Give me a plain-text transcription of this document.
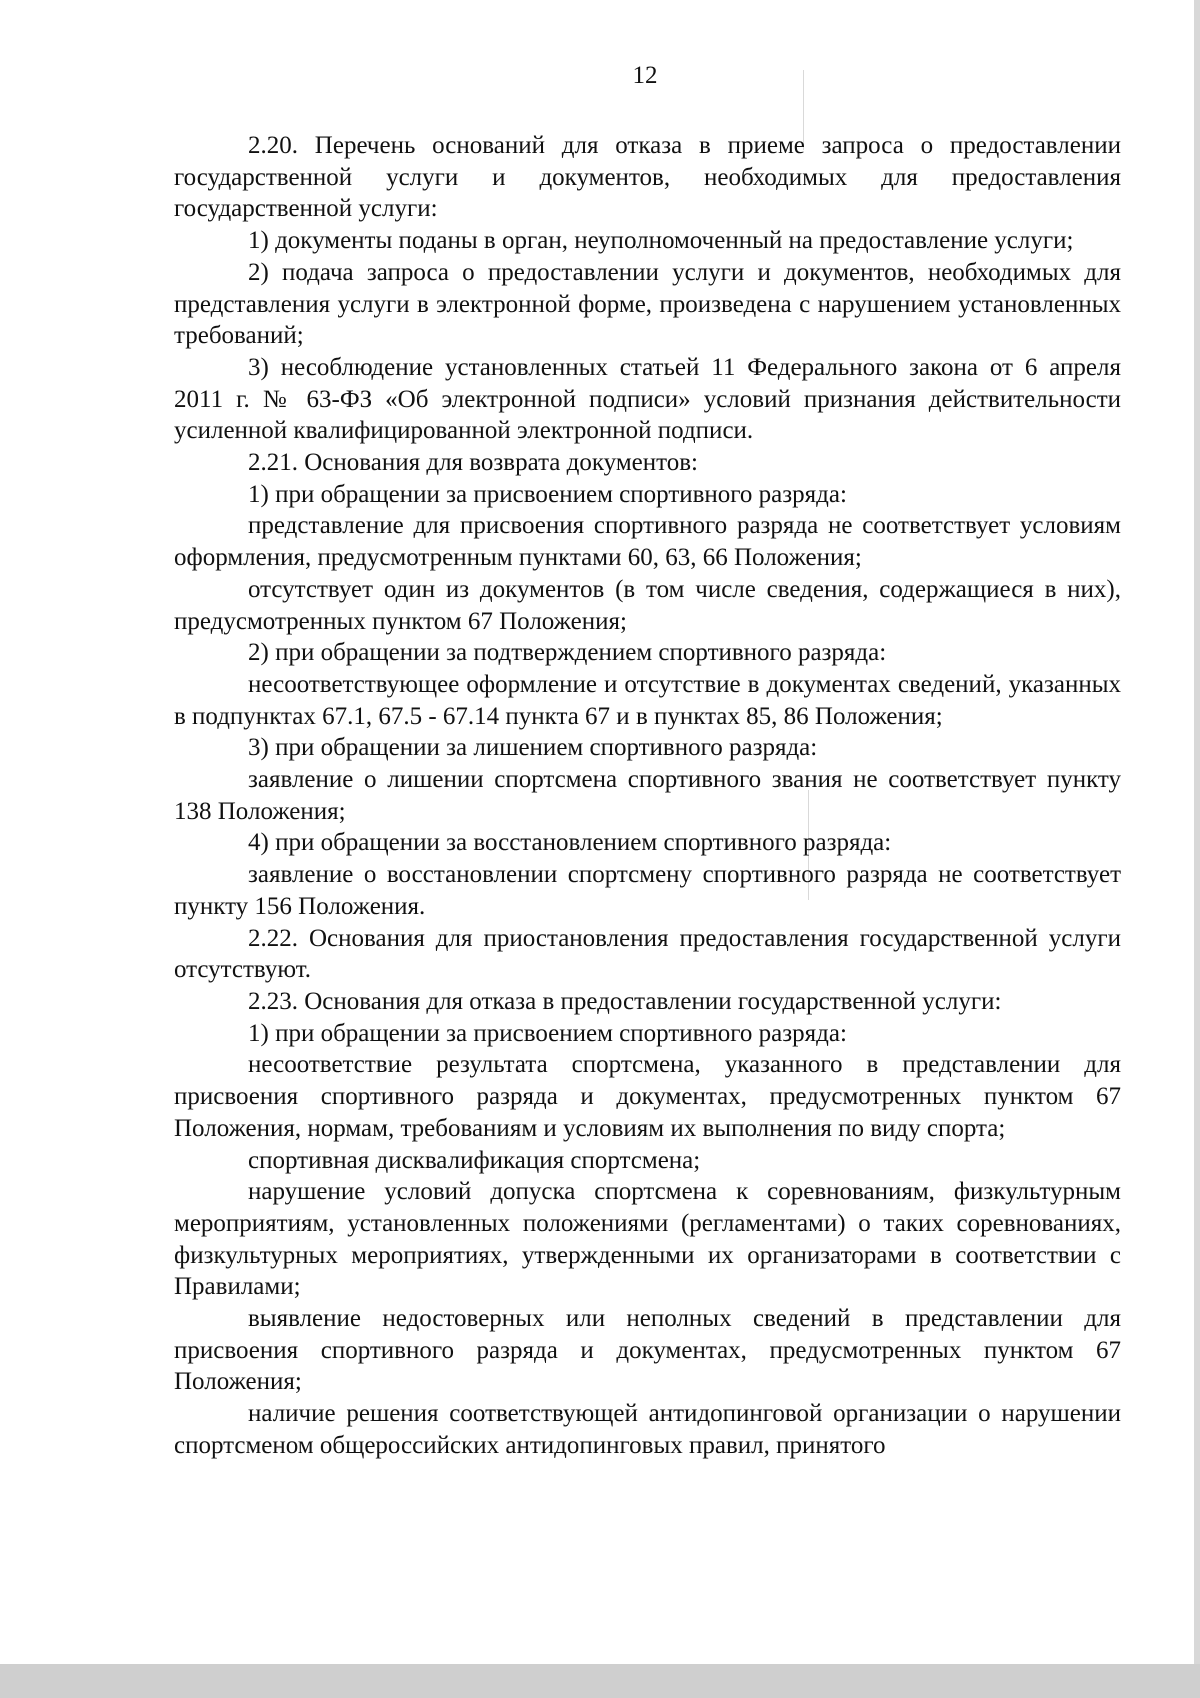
12

2.20. Перечень оснований для отказа в приеме запроса о предоставлении государственной услуги и документов, необходимых для предоставления государственной услуги:

1) документы поданы в орган, неуполномоченный на предоставление услуги;

2) подача запроса о предоставлении услуги и документов, необходимых для представления услуги в электронной форме, произведена с нарушением установленных требований;

3) несоблюдение установленных статьей 11 Федерального закона от 6 апреля 2011 г. № 63-ФЗ «Об электронной подписи» условий признания действительности усиленной квалифицированной электронной подписи.

2.21. Основания для возврата документов:

1) при обращении за присвоением спортивного разряда:

представление для присвоения спортивного разряда не соответствует условиям оформления, предусмотренным пунктами 60, 63, 66 Положения;

отсутствует один из документов (в том числе сведения, содержащиеся в них), предусмотренных пунктом 67 Положения;

2) при обращении за подтверждением спортивного разряда:

несоответствующее оформление и отсутствие в документах сведений, указанных в подпунктах 67.1, 67.5 - 67.14 пункта 67 и в пунктах 85, 86 Положения;

3) при обращении за лишением спортивного разряда:

заявление о лишении спортсмена спортивного звания не соответствует пункту 138 Положения;

4) при обращении за восстановлением спортивного разряда:

заявление о восстановлении спортсмену спортивного разряда не соответствует пункту 156 Положения.

2.22. Основания для приостановления предоставления государственной услуги отсутствуют.

2.23. Основания для отказа в предоставлении государственной услуги:

1) при обращении за присвоением спортивного разряда:

несоответствие результата спортсмена, указанного в представлении для присвоения спортивного разряда и документах, предусмотренных пунктом 67 Положения, нормам, требованиям и условиям их выполнения по виду спорта;

спортивная дисквалификация спортсмена;

нарушение условий допуска спортсмена к соревнованиям, физкультурным мероприятиям, установленных положениями (регламентами) о таких соревнованиях, физкультурных мероприятиях, утвержденными их организаторами в соответствии с Правилами;

выявление недостоверных или неполных сведений в представлении для присвоения спортивного разряда и документах, предусмотренных пунктом 67 Положения;

наличие решения соответствующей антидопинговой организации о нарушении спортсменом общероссийских антидопинговых правил, принятого
